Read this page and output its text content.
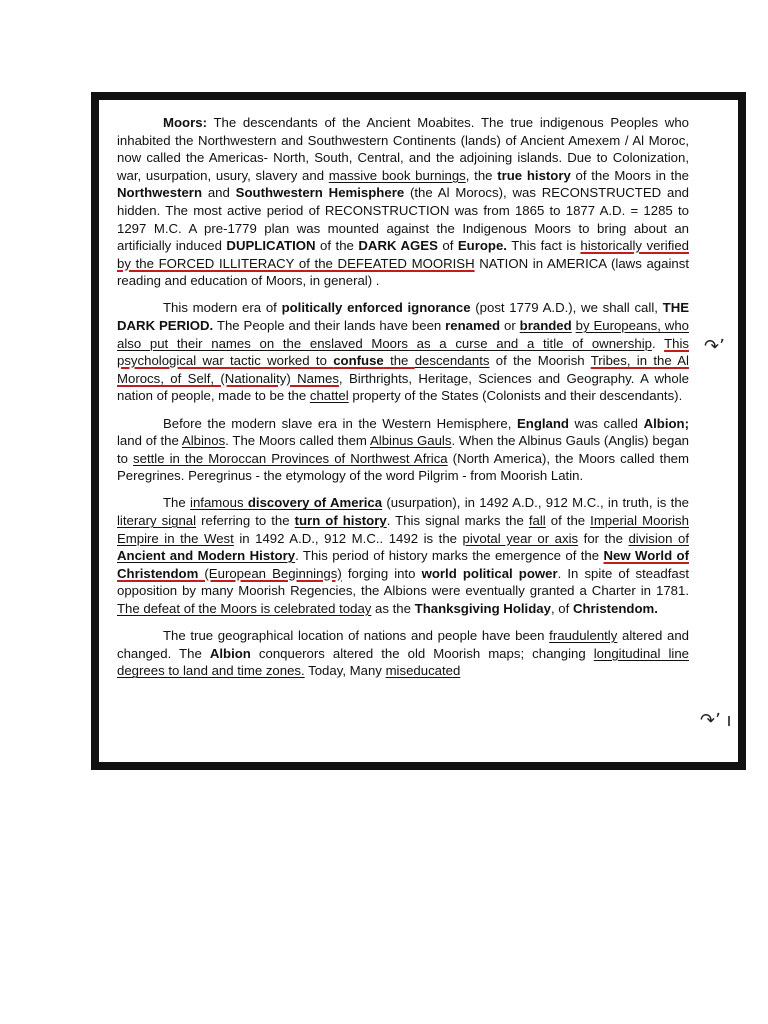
Moors: The descendants of the Ancient Moabites. The true indigenous Peoples who inhabited the Northwestern and Southwestern Continents (lands) of Ancient Amexem / Al Moroc, now called the Americas- North, South, Central, and the adjoining islands. Due to Colonization, war, usurpation, usury, slavery and massive book burnings, the true history of the Moors in the Northwestern and Southwestern Hemisphere (the Al Morocs), was RECONSTRUCTED and hidden. The most active period of RECONSTRUCTION was from 1865 to 1877 A.D. = 1285 to 1297 M.C. A pre-1779 plan was mounted against the Indigenous Moors to bring about an artificially induced DUPLICATION of the DARK AGES of Europe. This fact is historically verified by the FORCED ILLITERACY of the DEFEATED MOORISH NATION in AMERICA (laws against reading and education of Moors, in general) .

This modern era of politically enforced ignorance (post 1779 A.D.), we shall call, THE DARK PERIOD. The People and their lands have been renamed or branded by Europeans, who also put their names on the enslaved Moors as a curse and a title of ownership. This psychological war tactic worked to confuse the descendants of the Moorish Tribes, in the Al Morocs, of Self, (Nationality) Names, Birthrights, Heritage, Sciences and Geography. A whole nation of people, made to be the chattel property of the States (Colonists and their descendants).

Before the modern slave era in the Western Hemisphere, England was called Albion; land of the Albinos. The Moors called them Albinus Gauls. When the Albinus Gauls (Anglis) began to settle in the Moroccan Provinces of Northwest Africa (North America), the Moors called them Peregrines. Peregrinus - the etymology of the word Pilgrim - from Moorish Latin.

The infamous discovery of America (usurpation), in 1492 A.D., 912 M.C., in truth, is the literary signal referring to the turn of history. This signal marks the fall of the Imperial Moorish Empire in the West in 1492 A.D., 912 M.C.. 1492 is the pivotal year or axis for the division of Ancient and Modern History. This period of history marks the emergence of the New World of Christendom (European Beginnings) forging into world political power. In spite of steadfast opposition by many Moorish Regencies, the Albions were eventually granted a Charter in 1781. The defeat of the Moors is celebrated today as the Thanksgiving Holiday, of Christendom.

The true geographical location of nations and people have been fraudulently altered and changed. The Albion conquerors altered the old Moorish maps; changing longitudinal line degrees to land and time zones. Today, Many miseducated

↷ʼ
↷ʼ ı
